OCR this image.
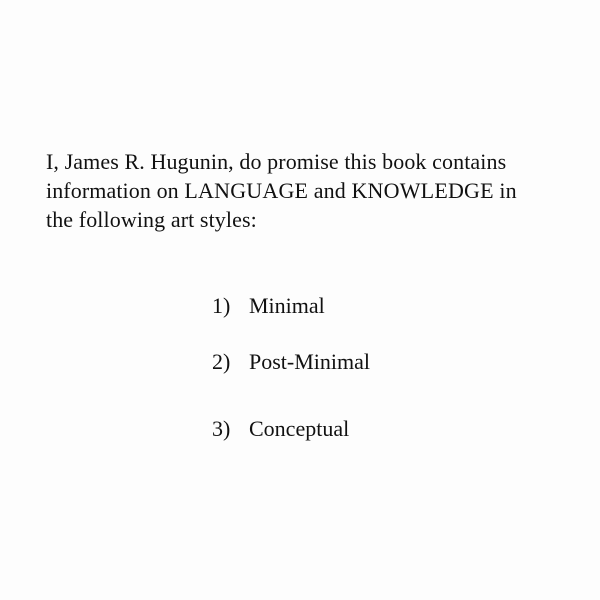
I, James R. Hugunin, do promise this book contains
information on LANGUAGE and KNOWLEDGE in
the following art styles:

1) Minimal
2) Post-Minimal
3) Conceptual
